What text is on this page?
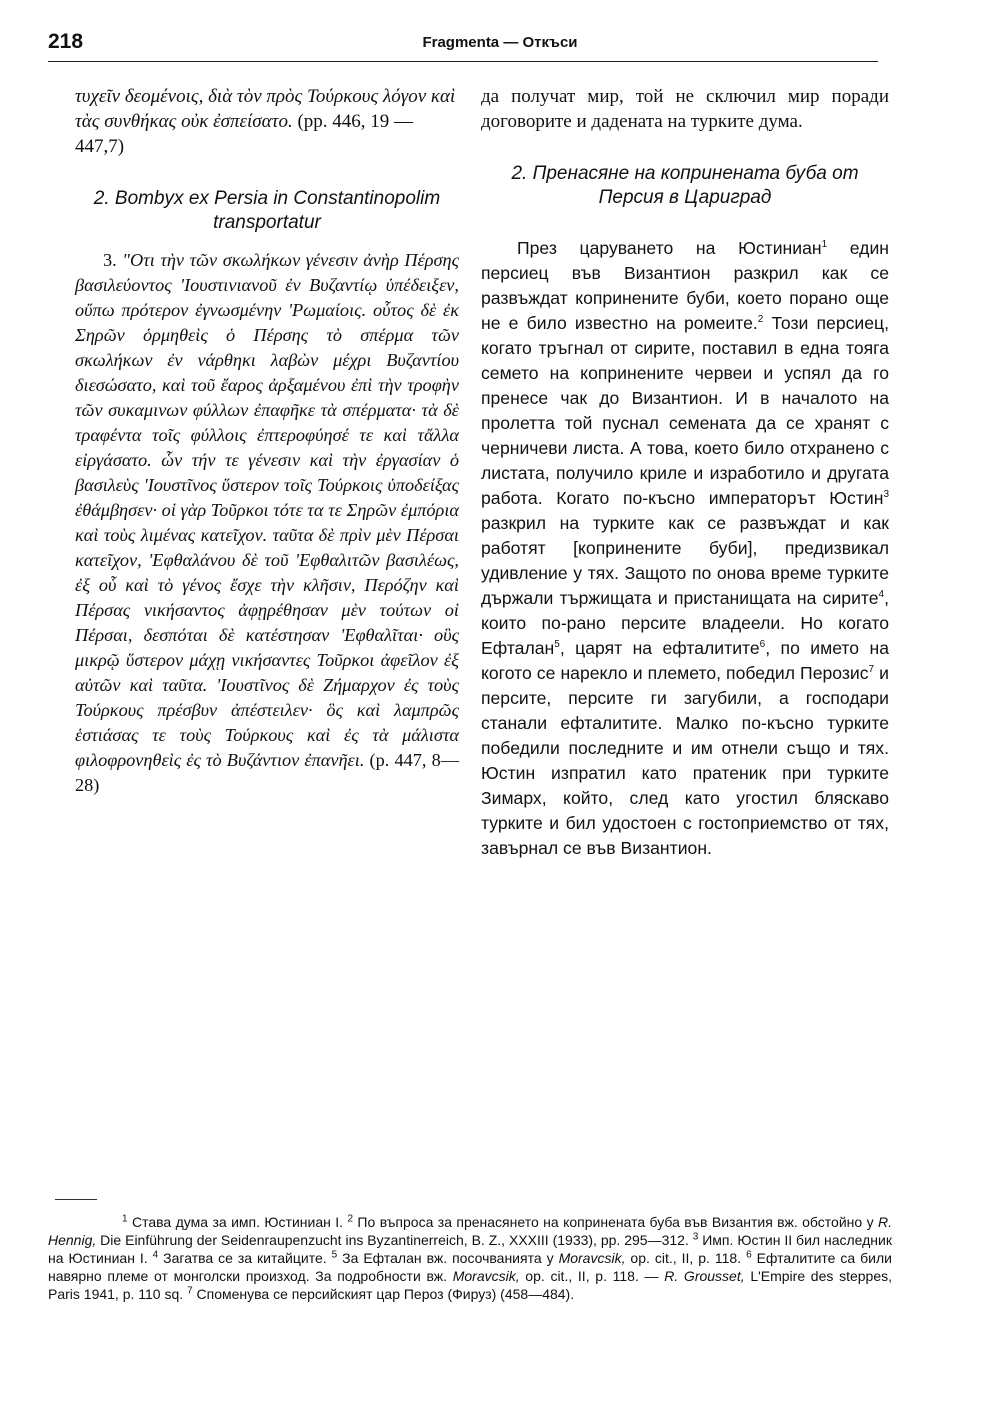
218	Fragmenta — Откъси

τυχεῖν δεομένοις, διὰ τὸν πρὸς Τούρκους λόγον καὶ τὰς συνθήκας οὐκ ἐσπείσατο. (pp. 446, 19 — 447,7)

2. Bombyx ex Persia in Constantinopolim transportatur

3. "Οτι τὴν τῶν σκωλήκων γένεσιν ἀνὴρ Πέρσης βασιλεύοντος 'Ιουστινιανοῦ ἐν Βυζαντίῳ ὑπέδειξεν, οὔπω πρότερον ἐγνωσμένην 'Ρωμαίοις. οὗτος δὲ ἐκ Σηρῶν ὁρμηθεὶς ὁ Πέρσης τὸ σπέρμα τῶν σκωλήκων ἐν νάρθηκι λαβὼν μέχρι Βυζαντίου διεσώσατο, καὶ τοῦ ἔαρος ἀρξαμένου ἐπὶ τὴν τροφὴν τῶν συκαμινων φύλλων ἐπαφῆκε τὰ σπέρματα· τὰ δὲ τραφέντα τοῖς φύλλοις ἐπτεροφύησέ τε καὶ τἄλλα εἰργάσατο. ὧν τήν τε γένεσιν καὶ τὴν ἐργασίαν ὁ βασιλεὺς 'Ιουστῖνος ὕστερον τοῖς Τούρκοις ὑποδείξας ἐθάμβησεν· οἱ γὰρ Τοῦρκοι τότε τα τε Σηρῶν ἐμπόρια καὶ τοὺς λιμένας κατεῖχον. ταῦτα δὲ πρὶν μὲν Πέρσαι κατεῖχον, 'Εφθαλάνου δὲ τοῦ 'Εφθαλιτῶν βασιλέως, ἐξ οὗ καὶ τὸ γένος ἔσχε τὴν κλῆσιν, Περόζην καὶ Πέρσας νικήσαντος ἀφῃρέθησαν μὲν τούτων οἱ Πέρσαι, δεσπόται δὲ κατέστησαν 'Εφθαλῖται· οὓς μικρῷ ὕστερον μάχῃ νικήσαντες Τοῦρκοι ἀφεῖλον ἐξ αὐτῶν καὶ ταῦτα. 'Ιουστῖνος δὲ Ζήμαρχον ἐς τοὺς Τούρκους πρέσβυν ἀπέστειλεν· ὃς καὶ λαμπρῶς ἑστιάσας τε τοὺς Τούρκους καὶ ἐς τὰ μάλιστα φιλοφρονηθεὶς ἐς τὸ Βυζάντιον ἐπανῆει. (p. 447, 8—28)

да получат мир, той не сключил мир поради договорите и дадената на турките дума.

2. Пренасяне на копринената буба от Персия в Цариград

През царуването на Юстиниан$^1$ един персиец във Византион разкрил как се развъждат копринените буби, което порано още не е било известно на ромеите.$^2$ Този персиец, когато тръгнал от сирите, поставил в една тояга семето на копринените червеи и успял да го пренесе чак до Византион. И в началото на пролетта той пуснал семената да се хранят с черничеви листа. А това, което било отхранено с листата, получило криле и изработило и другата работа. Когато по-късно императорът Юстин$^3$ разкрил на турките как се развъждат и как работят [копринените буби], предизвикал удивление у тях. Защото по онова време турките държали тържищата и пристанищата на сирите$^4$, които по-рано персите владеели. Но когато Ефталан$^5$, царят на ефталитите$^6$, по името на когото се нарекло и племето, победил Перозис$^7$ и персите, персите ги загубили, а господари станали ефталитите. Малко по-късно турките победили последните и им отнели също и тях. Юстин изпратил като пратеник при турките Зимарх, който, след като угостил бляскаво турките и бил удостоен с гостоприемство от тях, завърнал се във Византион.

$^1$ Става дума за имп. Юстиниан I. $^2$ По въпроса за пренасянето на копринената буба във Византия вж. обстойно у R. Hennig, Die Einführung der Seidenraupenzucht ins Byzantinerreich, B. Z., XXXIII (1933), pp. 295—312. $^3$ Имп. Юстин II бил наследник на Юстиниан I. $^4$ Загатва се за китайците. $^5$ За Ефталан вж. посочванията у Moravcsik, op. cit., II, p. 118. $^6$ Ефталитите са били навярно племе от монголски произход. За подробности вж. Moravcsik, op. cit., II, p. 118. — R. Grousset, L'Empire des steppes, Paris 1941, p. 110 sq. $^7$ Споменува се персийският цар Пероз (Фируз) (458—484).
